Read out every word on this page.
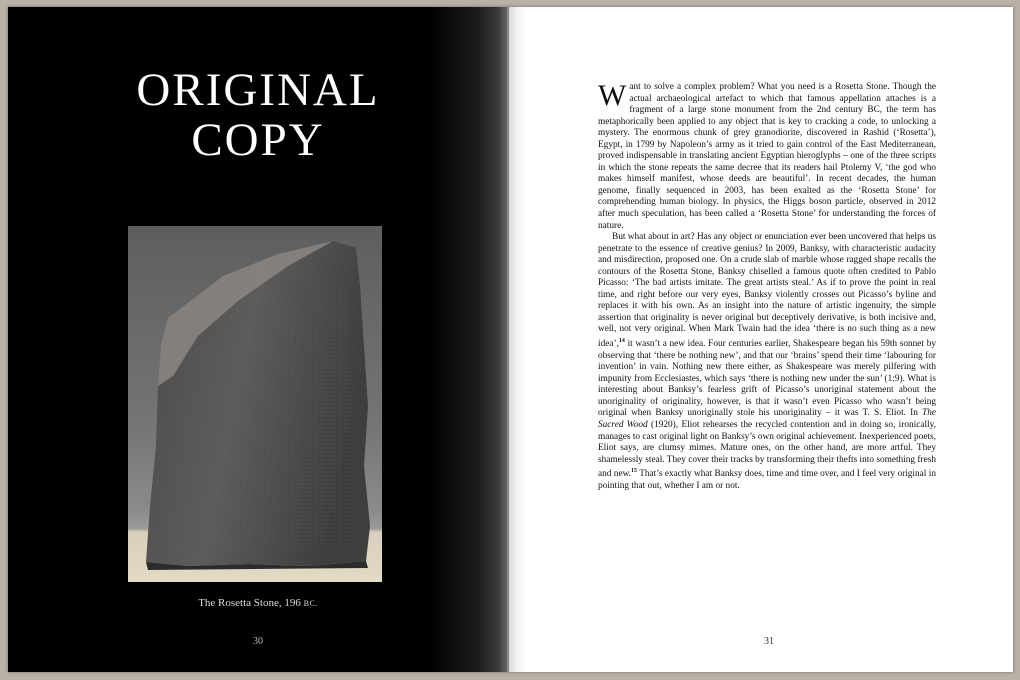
ORIGINAL
COPY
The Rosetta Stone, 196 BC.
30

Want to solve a complex problem? What you need is a Rosetta Stone. Though the actual archaeological artefact to which that famous appellation attaches is a fragment of a large stone monument from the 2nd century BC, the term has metaphorically been applied to any object that is key to cracking a code, to unlocking a mystery. The enormous chunk of grey granodiorite, discovered in Rashid (‘Rosetta’), Egypt, in 1799 by Napoleon’s army as it tried to gain control of the East Mediterranean, proved indispensable in translating ancient Egyptian hieroglyphs – one of the three scripts in which the stone repeats the same decree that its readers hail Ptolemy V, ‘the god who makes himself manifest, whose deeds are beautiful’. In recent decades, the human genome, finally sequenced in 2003, has been exalted as the ‘Rosetta Stone’ for comprehending human biology. In physics, the Higgs boson particle, observed in 2012 after much speculation, has been called a ‘Rosetta Stone’ for understanding the forces of nature.

But what about in art? Has any object or enunciation ever been uncovered that helps us penetrate to the essence of creative genius? In 2009, Banksy, with characteristic audacity and misdirection, proposed one. On a crude slab of marble whose ragged shape recalls the contours of the Rosetta Stone, Banksy chiselled a famous quote often credited to Pablo Picasso: ‘The bad artists imitate. The great artists steal.’ As if to prove the point in real time, and right before our very eyes, Banksy violently crosses out Picasso’s byline and replaces it with his own. As an insight into the nature of artistic ingenuity, the simple assertion that originality is never original but deceptively derivative, is both incisive and, well, not very original. When Mark Twain had the idea ‘there is no such thing as a new idea’,$^{14}$ it wasn’t a new idea. Four centuries earlier, Shakespeare began his 59th sonnet by observing that ‘there be nothing new’, and that our ‘brains’ spend their time ‘labouring for invention’ in vain. Nothing new there either, as Shakespeare was merely pilfering with impunity from Ecclesiastes, which says ‘there is nothing new under the sun’ (1:9). What is interesting about Banksy’s fearless grift of Picasso’s unoriginal statement about the unoriginality of originality, however, is that it wasn’t even Picasso who wasn’t being original when Banksy unoriginally stole his unoriginality – it was T. S. Eliot. In The Sacred Wood (1920), Eliot rehearses the recycled contention and in doing so, ironically, manages to cast original light on Banksy’s own original achievement. Inexperienced poets, Eliot says, are clumsy mimes. Mature ones, on the other hand, are more artful. They shamelessly steal. They cover their tracks by transforming their thefts into something fresh and new.$^{15}$ That’s exactly what Banksy does, time and time over, and I feel very original in pointing that out, whether I am or not.

31
